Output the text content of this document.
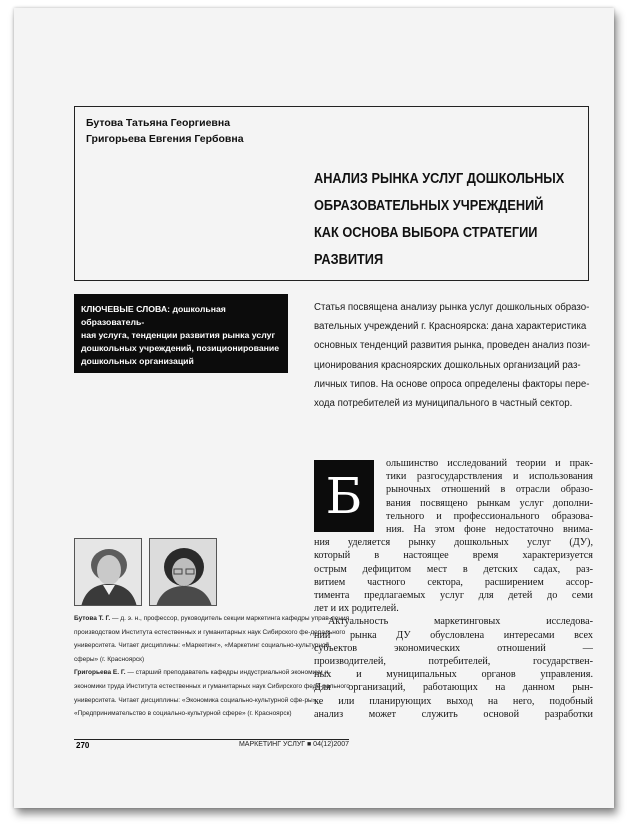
Бутова Татьяна Георгиевна
Григорьева Евгения Гербовна
АНАЛИЗ РЫНКА УСЛУГ ДОШКОЛЬНЫХ
ОБРАЗОВАТЕЛЬНЫХ УЧРЕЖДЕНИЙ
КАК ОСНОВА ВЫБОРА СТРАТЕГИИ
РАЗВИТИЯ
КЛЮЧЕВЫЕ СЛОВА: дошкольная образователь-
ная услуга, тенденции развития рынка услуг
дошкольных учреждений, позиционирование
дошкольных организаций
Статья посвящена анализу рынка услуг дошкольных образо-
вательных учреждений г. Красноярска: дана характеристика
основных тенденций развития рынка, проведен анализ пози-
ционирования красноярских дошкольных организаций раз-
личных типов. На основе опроса определены факторы пере-
хода потребителей из муниципального в частный сектор.
Б
ольшинство исследований теории и прак-
тики разгосударствления и использования
рыночных отношений в отрасли образо-
вания посвящено рынкам услуг дополни-
тельного и профессионального образова-
ния. На этом фоне недостаточно внима-
ния уделяется рынку дошкольных услуг (ДУ),
который в настоящее время характеризуется
острым дефицитом мест в детских садах, раз-
витием частного сектора, расширением ассор-
тимента предлагаемых услуг для детей до семи
лет и их родителей.
Актуальность маркетинговых исследова-
ний рынка ДУ обусловлена интересами всех
субъектов экономических отношений —
производителей, потребителей, государствен-
ных и муниципальных органов управления.
Для организаций, работающих на данном рын-
ке или планирующих выход на него, подобный
анализ может служить основой разработки
Бутова Т. Г. — д. э. н., профессор, руководитель секции маркетинга кафедры управ-ления производством Института естественных и гуманитарных наук Сибирского фе-дерального университета. Читает дисциплины: «Маркетинг», «Маркетинг социально-культурной сферы» (г. Красноярск)
Григорьева Е. Г. — старший преподаватель кафедры индустриальной экономики и экономики труда Института естественных и гуманитарных наук Сибирского феде-рального университета. Читает дисциплины: «Экономика социально-культурной сфе-ры», «Предпринимательство в социально-культурной сфере» (г. Красноярск)
270	МАРКЕТИНГ УСЛУГ ■ 04(12)2007
